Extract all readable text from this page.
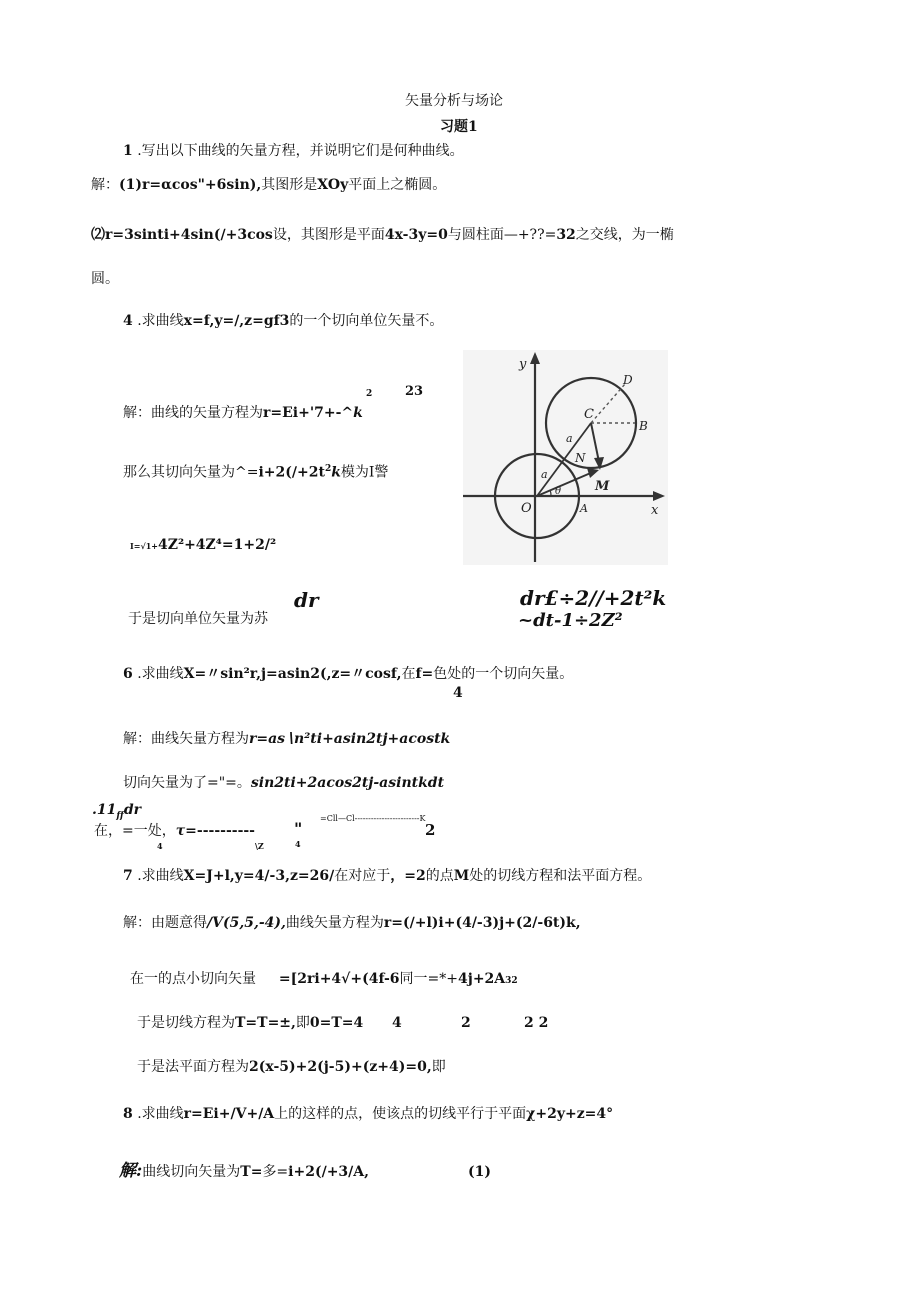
矢量分析与场论
习题1
1 .写出以下曲线的矢量方程，并说明它们是何种曲线。
解：(1)r=αcos"+6sin),其图形是XOy平面上之椭圆。
⑵r=3sinti+4sin(∕+3cos设，其图形是平面4x-3y=0与圆柱面—+??=32之交线，为一椭
圆。
4 .求曲线x=f,y=∕,z=gf3的一个切向单位矢量不。
2	23
解：曲线的矢量方程为r=Ei+'7+-^k
那么其切向矢量为$\^{}=i+2(∕+2t^2k$模为I警
I=√1+4Z²+4Z⁴=1+2/²
dr	dr£÷2//+2t²k
于是切向单位矢量为苏	~dt-1÷2Z²
y
x
O	A
B
C
D
N
M
a
a
θ
6 .求曲线X=〃sin²r,j=asin2(,z=〃cosf,在f=色处的一个切向矢量。
4
解：曲线矢量方程为r=as∖n²ti+asin2tj+acostk
切向矢量为了="=。sin2ti+2acos2tj-asintkdt
$.11_{ff}dr$
在，=一处，τ=---------- "
4	\Z	4
=Cll—Cl------------------------K
2
7 .求曲线X=J+l,y=4∕-3,z=26∕在对应于，=2的点M处的切线方程和法平面方程。
解：由题意得∕V(5,5,-4),曲线矢量方程为r=(∕+l)i+(4/-3)j+(2/-6t)k,
在一的点小切向矢量 =[2ri+4√+(4f-6同一=*+4j+2A32
于是切线方程为T=T=±,即0=T=4 4	2	2 2
于是法平面方程为2(x-5)+2(j-5)+(z+4)=0,即
8 .求曲线r=Ei+∕V+∕A上的这样的点，使该点的切线平行于平面χ+2y+z=4°
解:曲线切向矢量为T=多=i+2(∕+3∕A,	(1)
